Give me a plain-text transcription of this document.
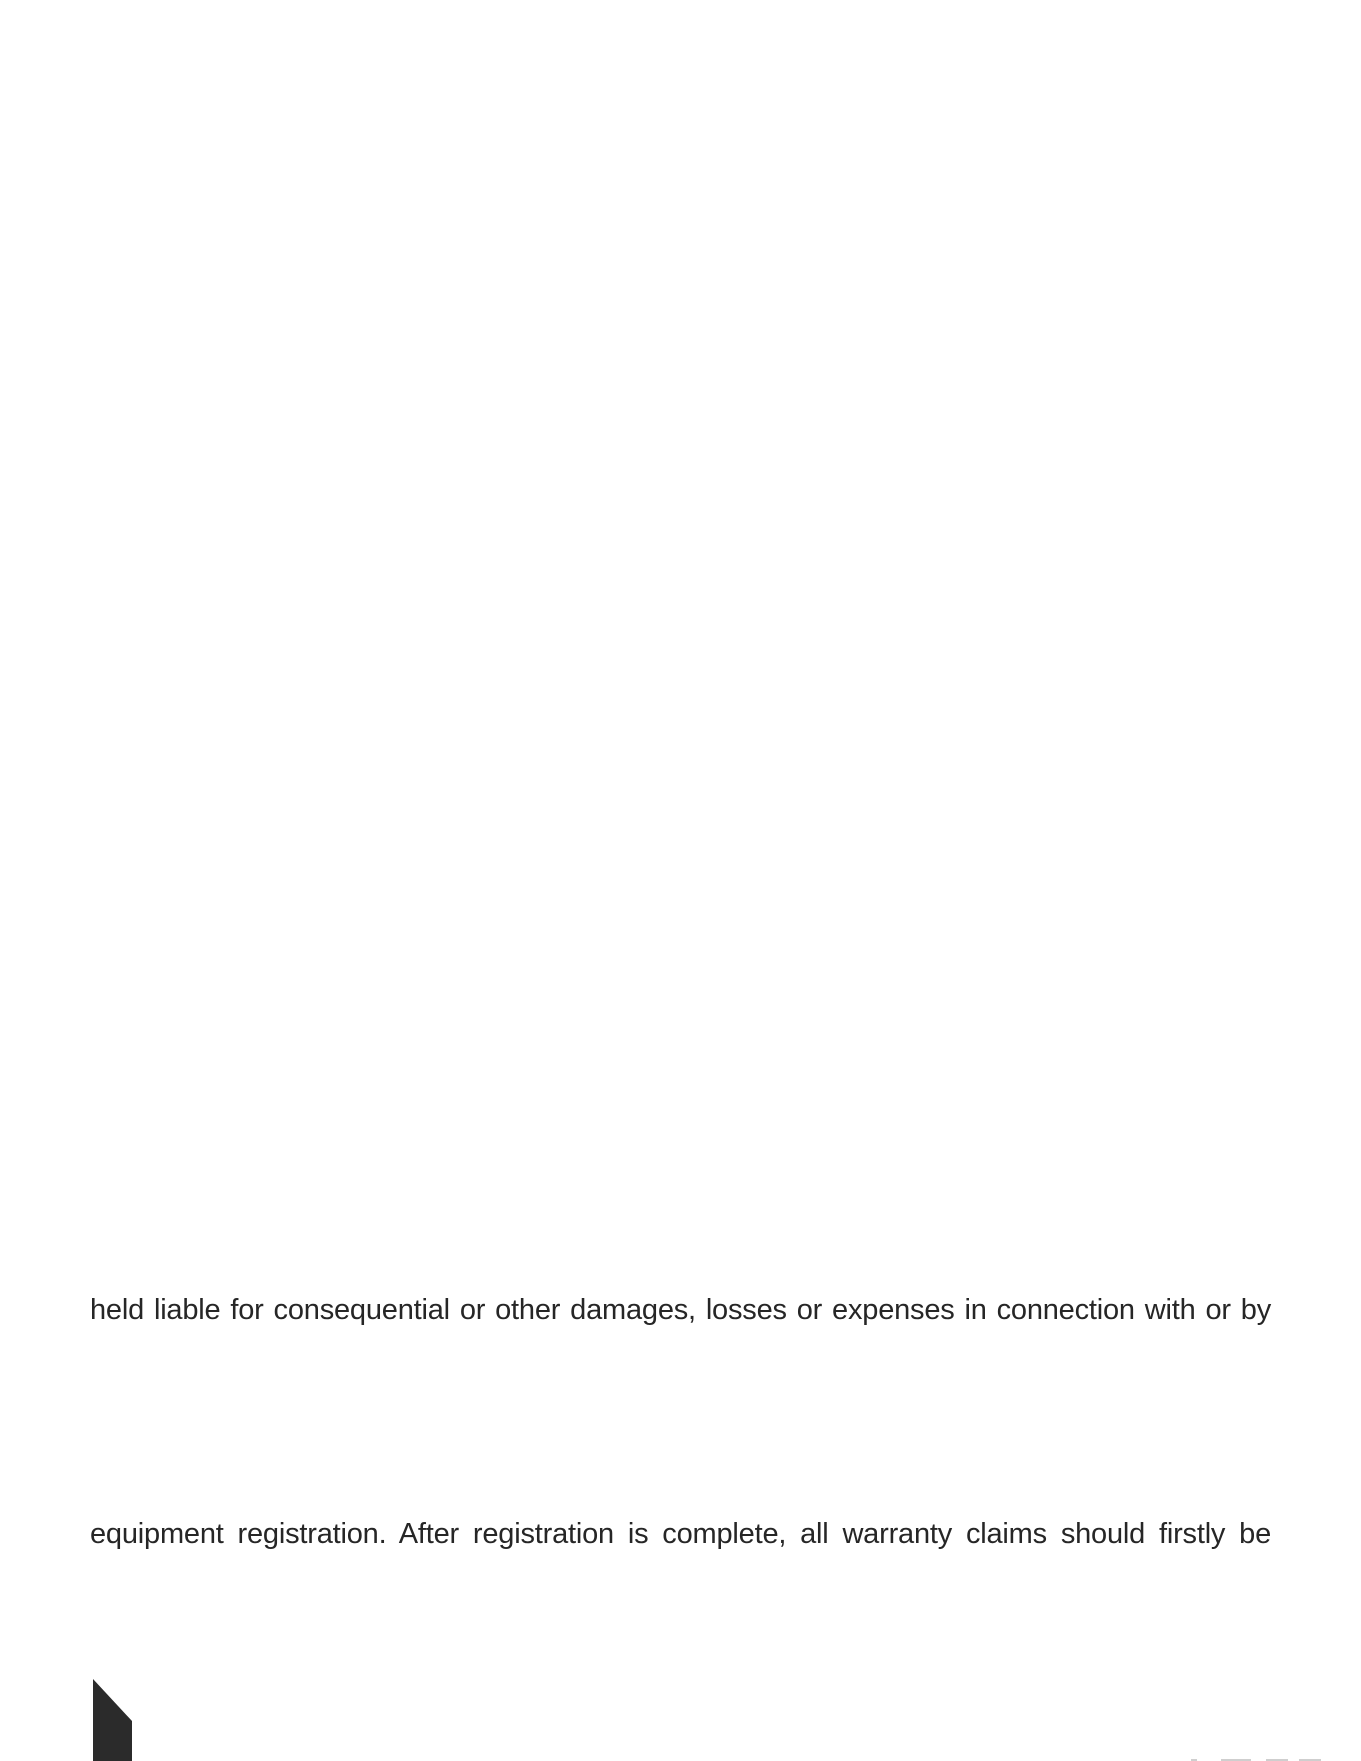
held liable for consequential or other damages, losses or expenses in connection with or by
equipment registration. After registration is complete, all warranty claims should firstly be
